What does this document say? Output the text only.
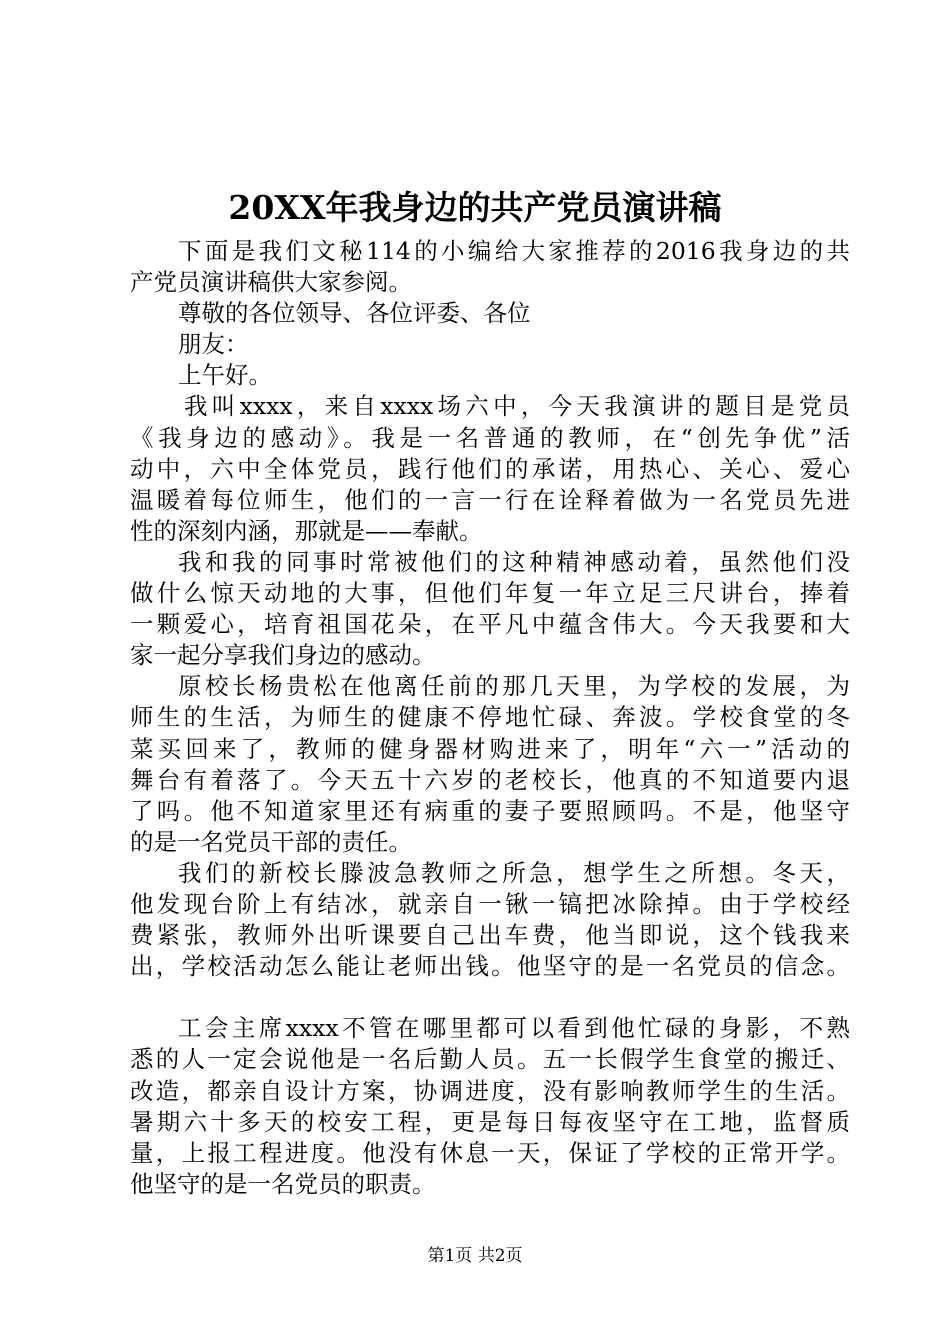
20XX年我身边的共产党员演讲稿
下面是我们文秘114的小编给大家推荐的2016我身边的共
产党员演讲稿供大家参阅。
尊敬的各位领导、各位评委、各位
朋友：
上午好。
我叫xxxx，来自xxxx场六中，今天我演讲的题目是党员
《我身边的感动》。我是一名普通的教师，在“创先争优”活
动中，六中全体党员，践行他们的承诺，用热心、关心、爱心
温暖着每位师生，他们的一言一行在诠释着做为一名党员先进
性的深刻内涵，那就是——奉献。
我和我的同事时常被他们的这种精神感动着，虽然他们没
做什么惊天动地的大事，但他们年复一年立足三尺讲台，捧着
一颗爱心，培育祖国花朵，在平凡中蕴含伟大。今天我要和大
家一起分享我们身边的感动。
原校长杨贵松在他离任前的那几天里，为学校的发展，为
师生的生活，为师生的健康不停地忙碌、奔波。学校食堂的冬
菜买回来了，教师的健身器材购进来了，明年“六一”活动的
舞台有着落了。今天五十六岁的老校长，他真的不知道要内退
了吗。他不知道家里还有病重的妻子要照顾吗。不是，他坚守
的是一名党员干部的责任。
我们的新校长滕波急教师之所急，想学生之所想。冬天，
他发现台阶上有结冰，就亲自一锹一镐把冰除掉。由于学校经
费紧张，教师外出听课要自己出车费，他当即说，这个钱我来
出，学校活动怎么能让老师出钱。他坚守的是一名党员的信念。
工会主席xxxx不管在哪里都可以看到他忙碌的身影，不熟
悉的人一定会说他是一名后勤人员。五一长假学生食堂的搬迁、
改造，都亲自设计方案，协调进度，没有影响教师学生的生活。
暑期六十多天的校安工程，更是每日每夜坚守在工地，监督质
量，上报工程进度。他没有休息一天，保证了学校的正常开学。
他坚守的是一名党员的职责。
第1页 共2页
